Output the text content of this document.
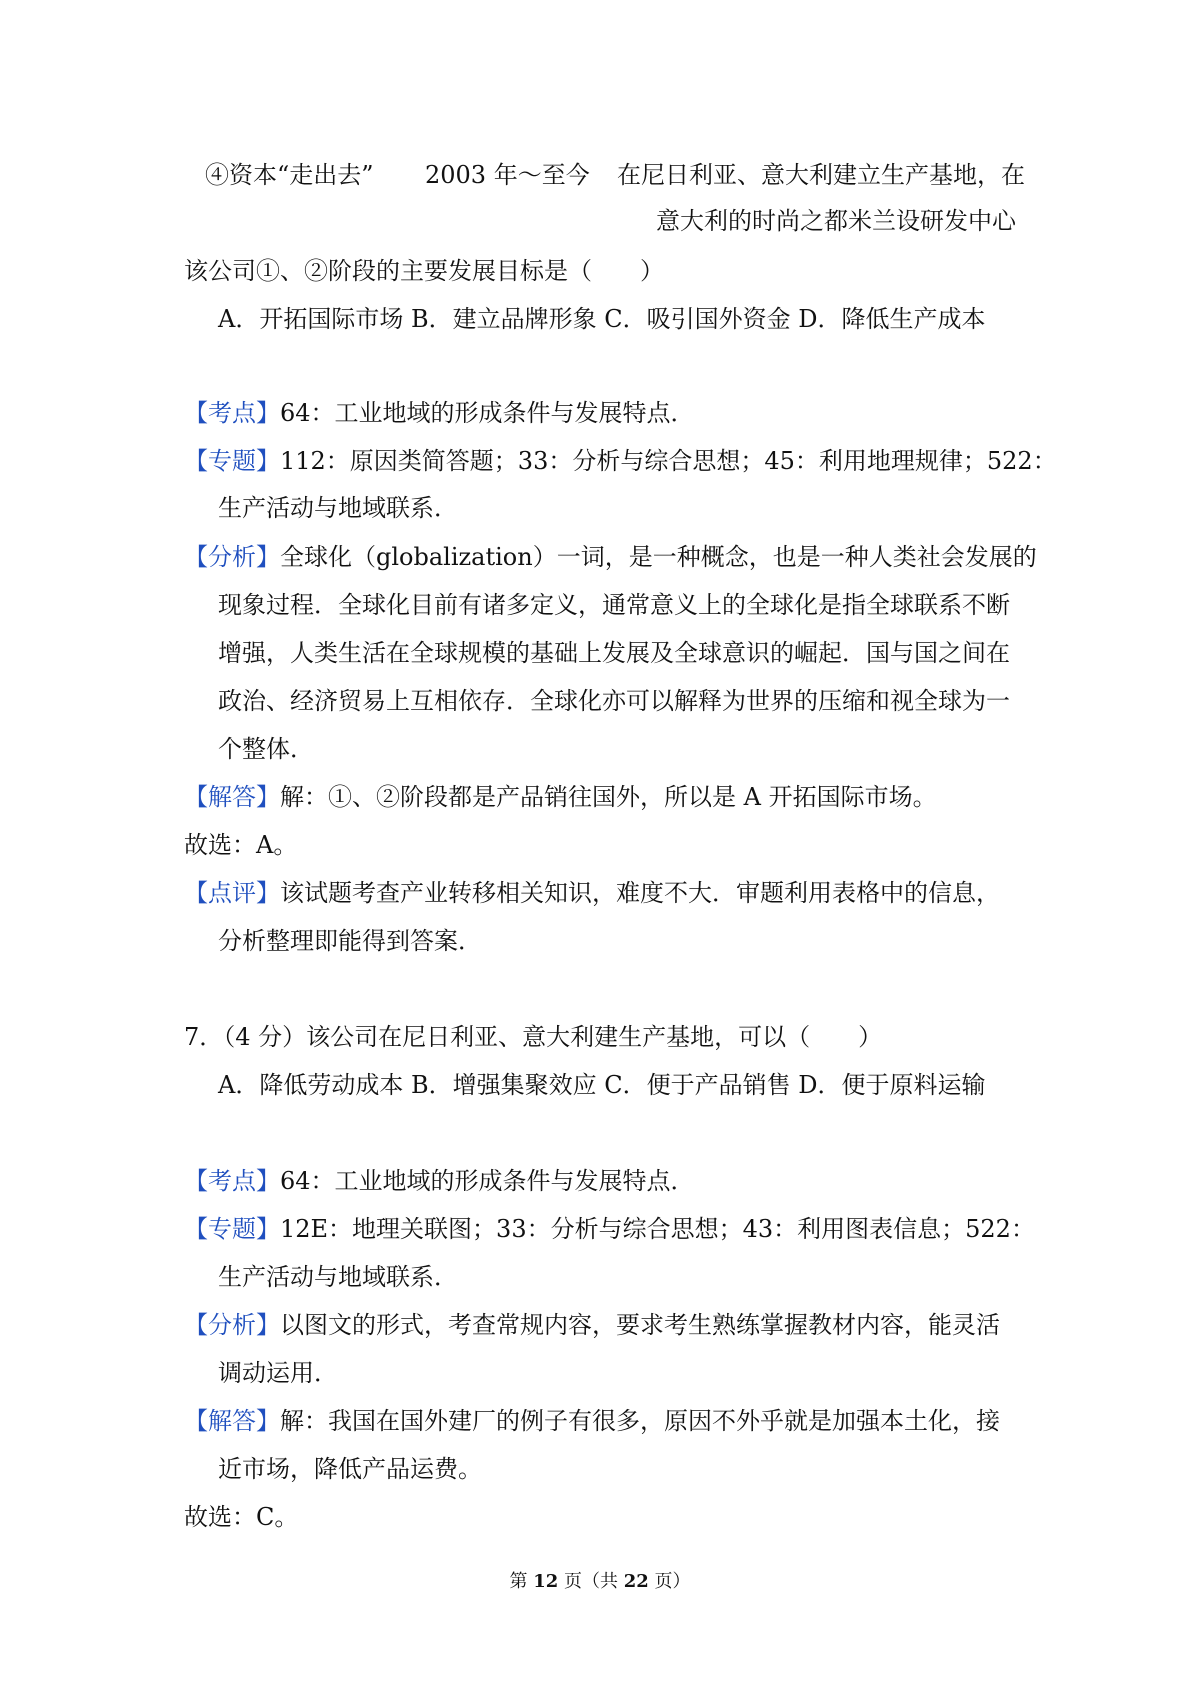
④资本“走出去” 2003 年～至今 在尼日利亚、意大利建立生产基地，在
意大利的时尚之都米兰设研发中心
该公司①、②阶段的主要发展目标是（　　）
A．开拓国际市场 B．建立品牌形象 C．吸引国外资金 D．降低生产成本
【考点】64：工业地域的形成条件与发展特点．
【专题】112：原因类简答题；33：分析与综合思想；45：利用地理规律；522：
生产活动与地域联系．
【分析】全球化（globalization）一词，是一种概念，也是一种人类社会发展的
现象过程．全球化目前有诸多定义，通常意义上的全球化是指全球联系不断
增强，人类生活在全球规模的基础上发展及全球意识的崛起．国与国之间在
政治、经济贸易上互相依存．全球化亦可以解释为世界的压缩和视全球为一
个整体．
【解答】解：①、②阶段都是产品销往国外，所以是 A 开拓国际市场。
故选：A。
【点评】该试题考查产业转移相关知识，难度不大．审题利用表格中的信息，
分析整理即能得到答案．
7．（4 分）该公司在尼日利亚、意大利建生产基地，可以（　　）
A．降低劳动成本 B．增强集聚效应 C．便于产品销售 D．便于原料运输
【考点】64：工业地域的形成条件与发展特点．
【专题】12E：地理关联图；33：分析与综合思想；43：利用图表信息；522：
生产活动与地域联系．
【分析】以图文的形式，考查常规内容，要求考生熟练掌握教材内容，能灵活
调动运用．
【解答】解：我国在国外建厂的例子有很多，原因不外乎就是加强本土化，接
近市场，降低产品运费。
故选：C。
第 12 页（共 22 页）
